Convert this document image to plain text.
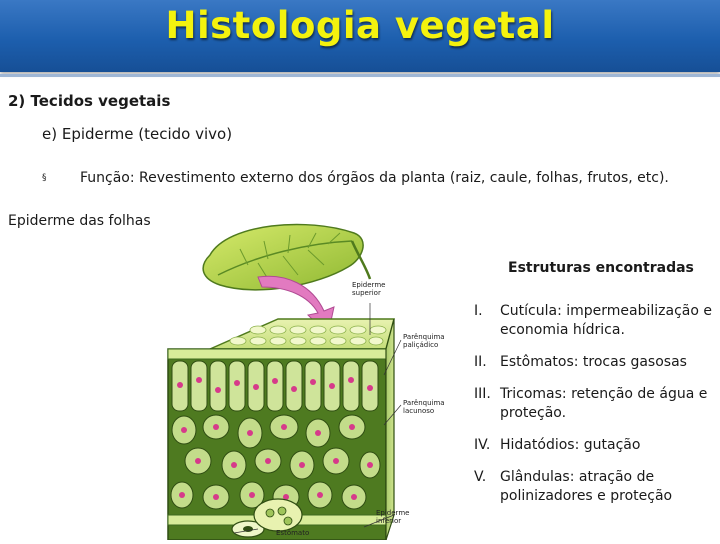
Histologia vegetal
2) Tecidos vegetais
e) Epiderme (tecido vivo)
§ Função: Revestimento externo dos órgãos da planta (raiz, caule, folhas, frutos, etc).
Epiderme das folhas
Epiderme
superior
Parênquima
paliçádico
Parênquima
lacunoso
Epiderme
inferior
Estômato
Estruturas encontradas
I. Cutícula: impermeabilização e economia hídrica.
II. Estômatos: trocas gasosas
III. Tricomas: retenção de água e proteção.
IV. Hidatódios: gutação
V. Glândulas: atração de polinizadores e proteção
